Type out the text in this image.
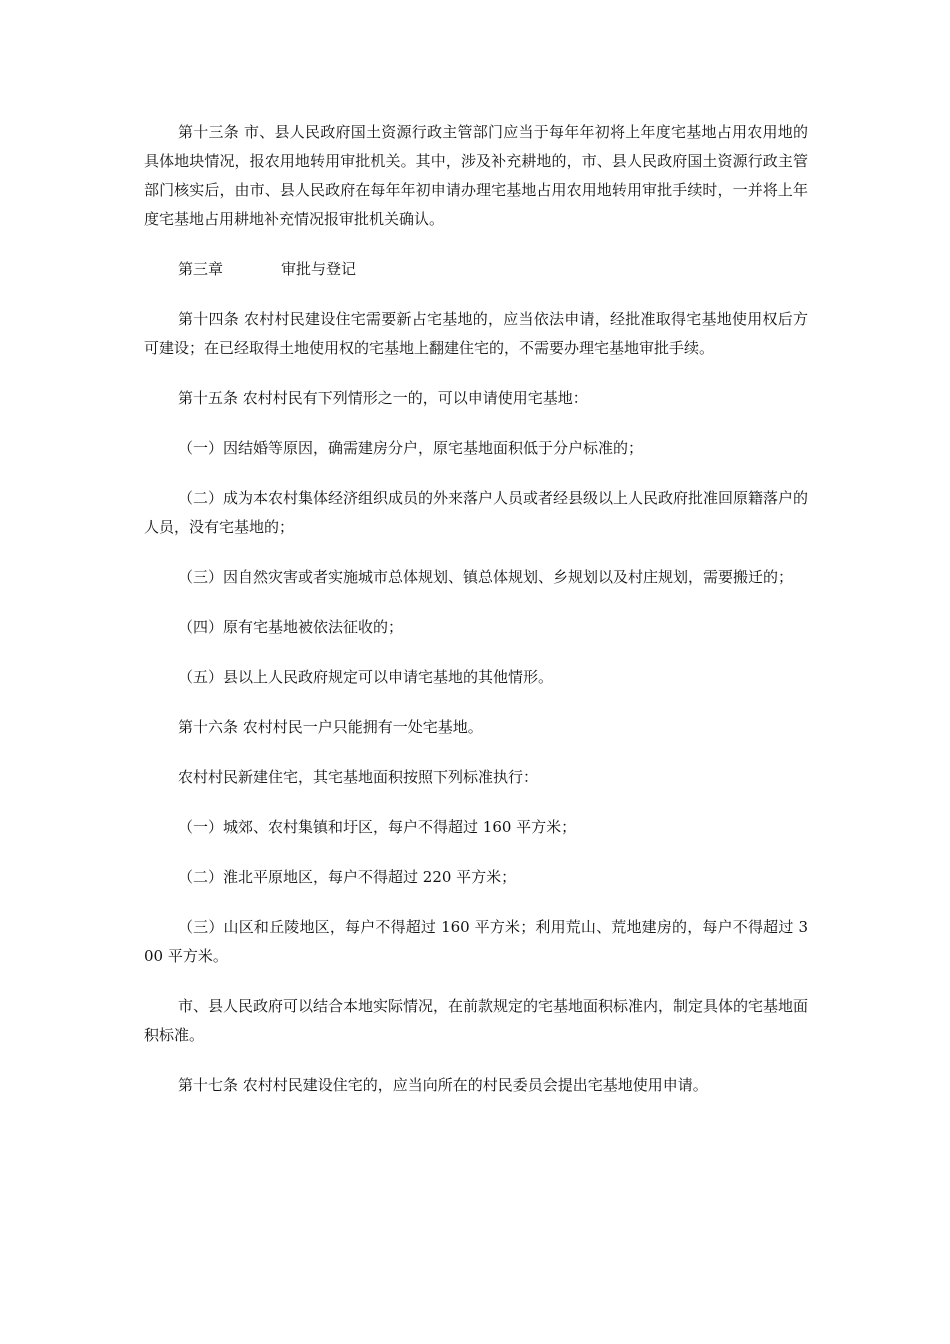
第十三条 市、县人民政府国土资源行政主管部门应当于每年年初将上年度宅基地占用农用地的具体地块情况，报农用地转用审批机关。其中，涉及补充耕地的，市、县人民政府国土资源行政主管部门核实后，由市、县人民政府在每年年初申请办理宅基地占用农用地转用审批手续时，一并将上年度宅基地占用耕地补充情况报审批机关确认。

第三章	审批与登记

第十四条 农村村民建设住宅需要新占宅基地的，应当依法申请，经批准取得宅基地使用权后方可建设；在已经取得土地使用权的宅基地上翻建住宅的，不需要办理宅基地审批手续。

第十五条 农村村民有下列情形之一的，可以申请使用宅基地：

（一）因结婚等原因，确需建房分户，原宅基地面积低于分户标准的；

（二）成为本农村集体经济组织成员的外来落户人员或者经县级以上人民政府批准回原籍落户的人员，没有宅基地的；

（三）因自然灾害或者实施城市总体规划、镇总体规划、乡规划以及村庄规划，需要搬迁的；

（四）原有宅基地被依法征收的；

（五）县以上人民政府规定可以申请宅基地的其他情形。

第十六条 农村村民一户只能拥有一处宅基地。

农村村民新建住宅，其宅基地面积按照下列标准执行：

（一）城郊、农村集镇和圩区，每户不得超过 160 平方米；

（二）淮北平原地区，每户不得超过 220 平方米；

（三）山区和丘陵地区，每户不得超过 160 平方米；利用荒山、荒地建房的，每户不得超过 300 平方米。

市、县人民政府可以结合本地实际情况，在前款规定的宅基地面积标准内，制定具体的宅基地面积标准。

第十七条 农村村民建设住宅的，应当向所在的村民委员会提出宅基地使用申请。
